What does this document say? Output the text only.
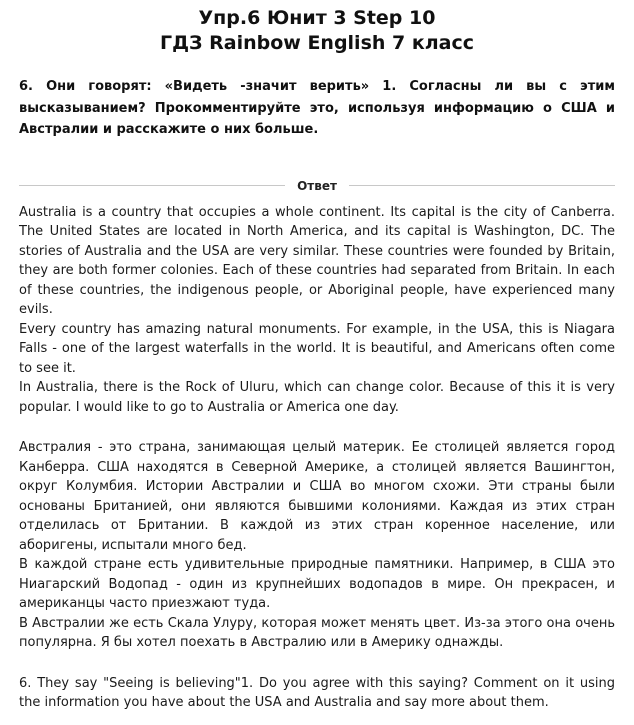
Упр.6 Юнит 3 Step 10
ГДЗ Rainbow English 7 класс
6. Они говорят: «Видеть -значит верить» 1. Согласны ли вы с этим высказыванием? Прокомментируйте это, используя информацию о США и Австралии и расскажите о них больше.
Ответ

Australia is a country that occupies a whole continent. Its capital is the city of Canberra. The United States are located in North America, and its capital is Washington, DC. The stories of Australia and the USA are very similar. These countries were founded by Britain, they are both former colonies. Each of these countries had separated from Britain. In each of these countries, the indigenous people, or Aboriginal people, have experienced many evils.

Every country has amazing natural monuments. For example, in the USA, this is Niagara Falls - one of the largest waterfalls in the world. It is beautiful, and Americans often come to see it.

In Australia, there is the Rock of Uluru, which can change color. Because of this it is very popular. I would like to go to Australia or America one day.

Австралия - это страна, занимающая целый материк. Ее столицей является город Канберра. США находятся в Северной Америке, а столицей является Вашингтон, округ Колумбия. Истории Австралии и США во многом схожи. Эти страны были основаны Британией, они являются бывшими колониями. Каждая из этих стран отделилась от Британии. В каждой из этих стран коренное население, или аборигены, испытали много бед.

В каждой стране есть удивительные природные памятники. Например, в США это Ниагарский Водопад - один из крупнейших водопадов в мире. Он прекрасен, и американцы часто приезжают туда.

В Австралии же есть Скала Улуру, которая может менять цвет. Из-за этого она очень популярна. Я бы хотел поехать в Австралию или в Америку однажды.

6. They say "Seeing is believing"1. Do you agree with this saying? Comment on it using the information you have about the USA and Australia and say more about them.
